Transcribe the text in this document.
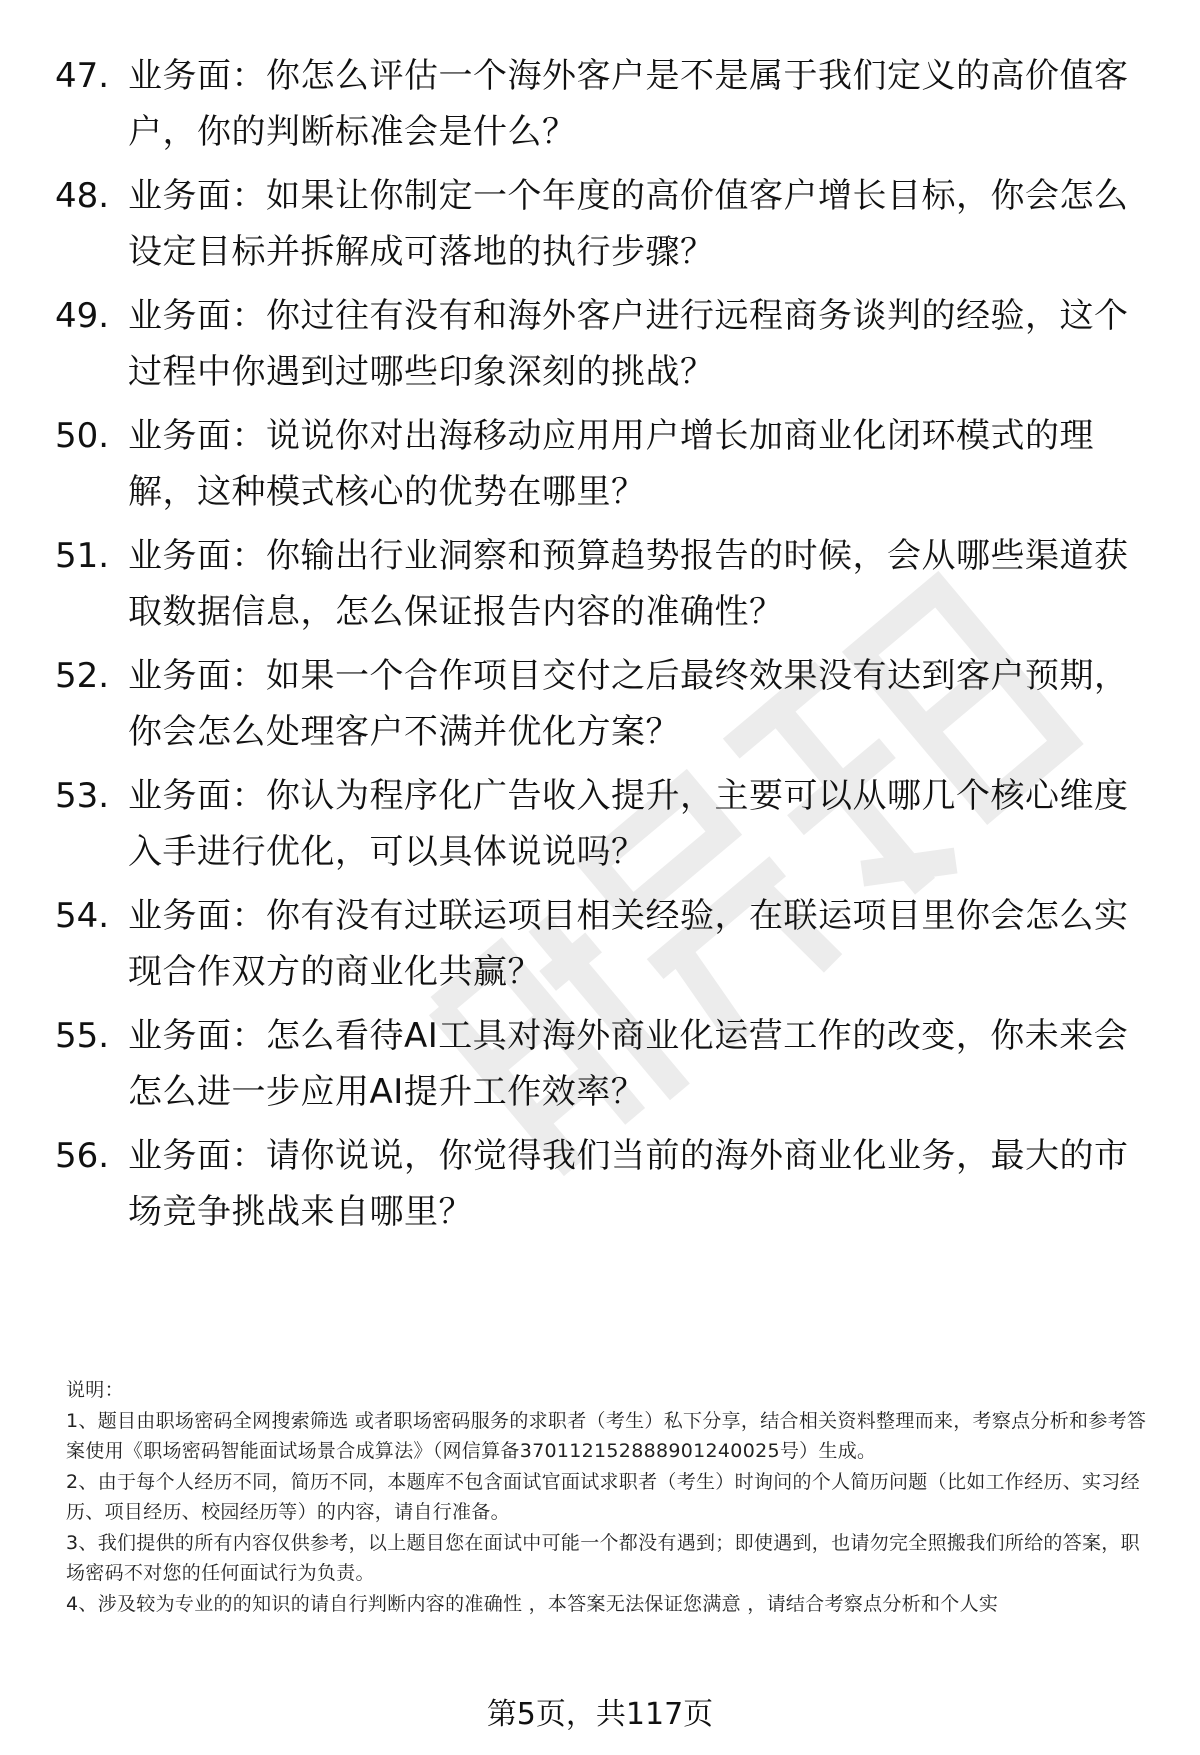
47. 业务面：你怎么评估一个海外客户是不是属于我们定义的高价值客户，你的判断标准会是什么？
48. 业务面：如果让你制定一个年度的高价值客户增长目标，你会怎么设定目标并拆解成可落地的执行步骤？
49. 业务面：你过往有没有和海外客户进行远程商务谈判的经验，这个过程中你遇到过哪些印象深刻的挑战？
50. 业务面：说说你对出海移动应用用户增长加商业化闭环模式的理解，这种模式核心的优势在哪里？
51. 业务面：你输出行业洞察和预算趋势报告的时候，会从哪些渠道获取数据信息，怎么保证报告内容的准确性？
52. 业务面：如果一个合作项目交付之后最终效果没有达到客户预期，你会怎么处理客户不满并优化方案？
53. 业务面：你认为程序化广告收入提升，主要可以从哪几个核心维度入手进行优化，可以具体说说吗？
54. 业务面：你有没有过联运项目相关经验，在联运项目里你会怎么实现合作双方的商业化共赢？
55. 业务面：怎么看待AI工具对海外商业化运营工作的改变，你未来会怎么进一步应用AI提升工作效率？
56. 业务面：请你说说，你觉得我们当前的海外商业化业务，最大的市场竞争挑战来自哪里？

说明：

1、题目由职场密码全网搜索筛选 或者职场密码服务的求职者（考生）私下分享，结合相关资料整理而来，考察点分析和参考答案使用《职场密码智能面试场景合成算法》（网信算备370112152888901240025号）生成。

2、由于每个人经历不同，简历不同，本题库不包含面试官面试求职者（考生）时询问的个人简历问题（比如工作经历、实习经历、项目经历、校园经历等）的内容，请自行准备。

3、我们提供的所有内容仅供参考，以上题目您在面试中可能一个都没有遇到；即使遇到，也请勿完全照搬我们所给的答案，职场密码不对您的任何面试行为负责。

4、涉及较为专业的的知识的请自行判断内容的准确性 ，本答案无法保证您满意 ，请结合考察点分析和个人实

第5页，共117页
